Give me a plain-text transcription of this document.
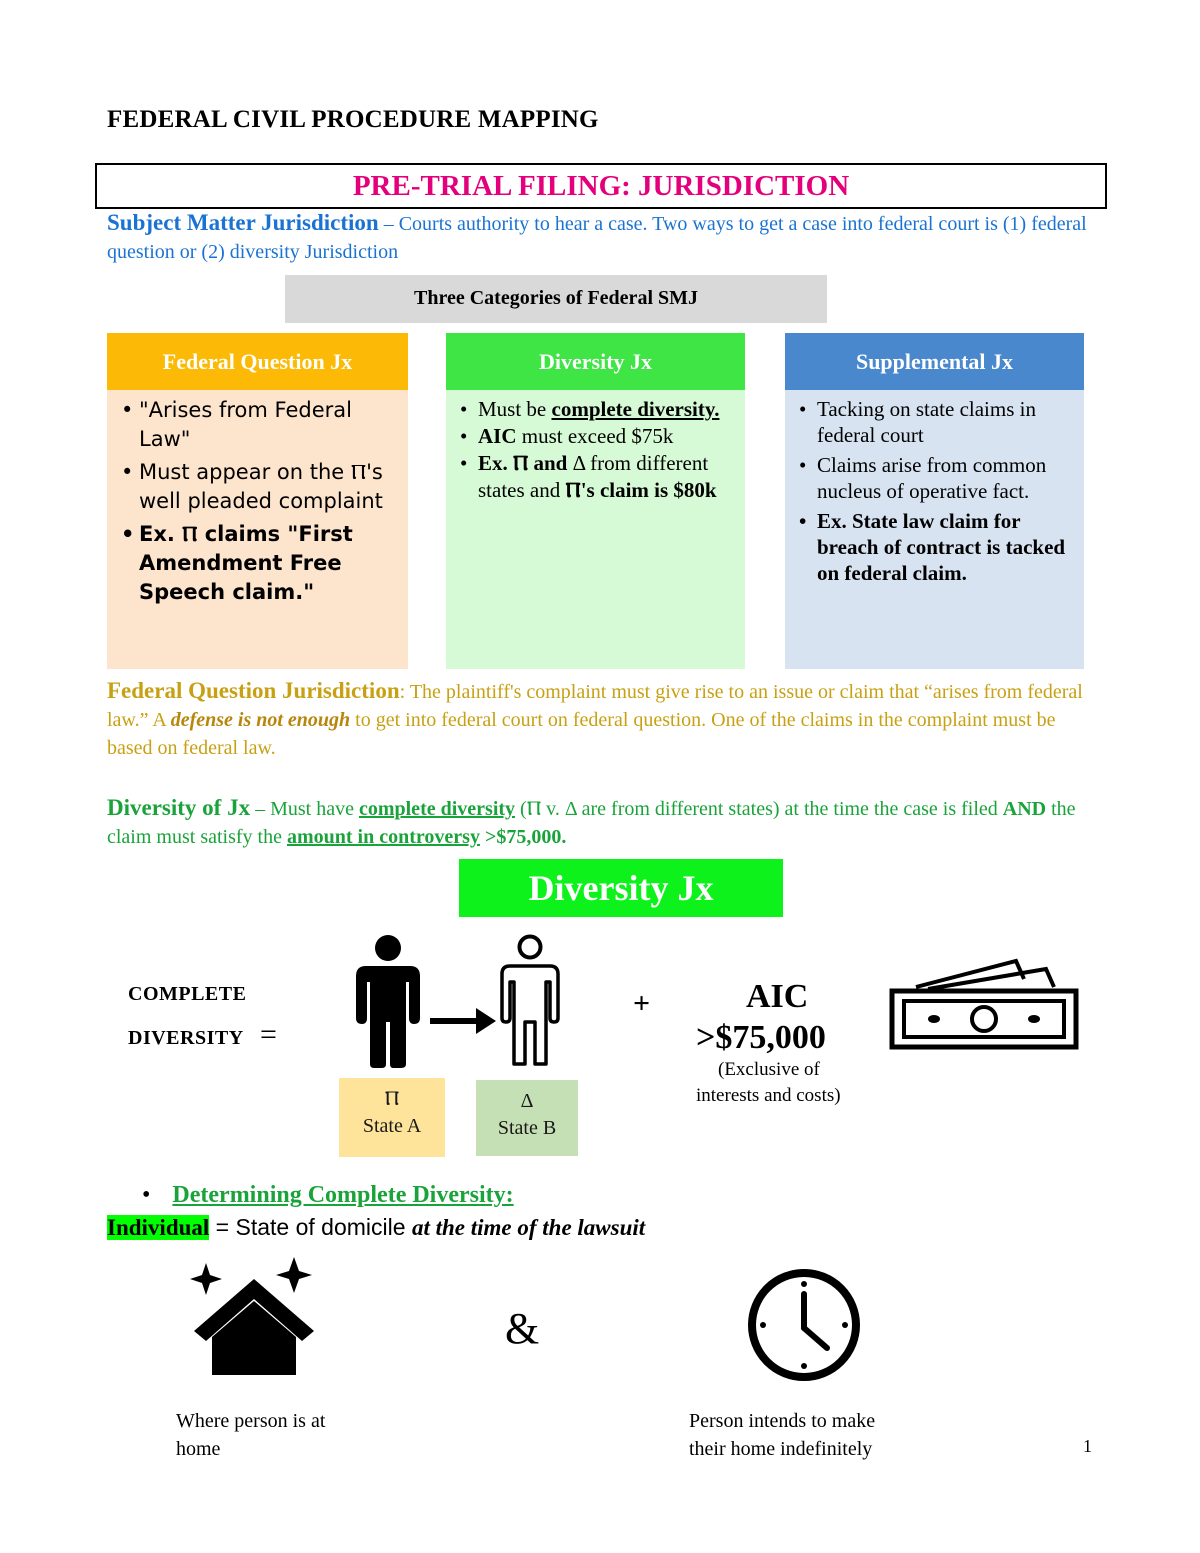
FEDERAL CIVIL PROCEDURE MAPPING
PRE-TRIAL FILING: JURISDICTION
Subject Matter Jurisdiction – Courts authority to hear a case. Two ways to get a case into federal court is (1) federal question or (2) diversity Jurisdiction
Three Categories of Federal SMJ
Federal Question Jx
• "Arises from Federal Law"
• Must appear on the Ⲡ's well pleaded complaint
• Ex. Ⲡ claims "First Amendment Free Speech claim."
Diversity Jx
• Must be complete diversity.
• AIC must exceed $75k
• Ex. Ⲡ and Δ from different states and Ⲡ's claim is $80k
Supplemental Jx
• Tacking on state claims in federal court
• Claims arise from common nucleus of operative fact.
• Ex. State law claim for breach of contract is tacked on federal claim.
Federal Question Jurisdiction: The plaintiff's complaint must give rise to an issue or claim that “arises from federal law.” A defense is not enough to get into federal court on federal question. One of the claims in the complaint must be based on federal law.
Diversity of Jx – Must have complete diversity (Ⲡ v. Δ are from different states) at the time the case is filed AND the claim must satisfy the amount in controversy >$75,000.
Diversity Jx
COMPLETE
DIVERSITY =
Ⲡ
State A
Δ
State B
+	AIC
>$75,000
(Exclusive of
interests and costs)
• Determining Complete Diversity:
Individual = State of domicile at the time of the lawsuit
&
Where person is at
home
Person intends to make
their home indefinitely	1
